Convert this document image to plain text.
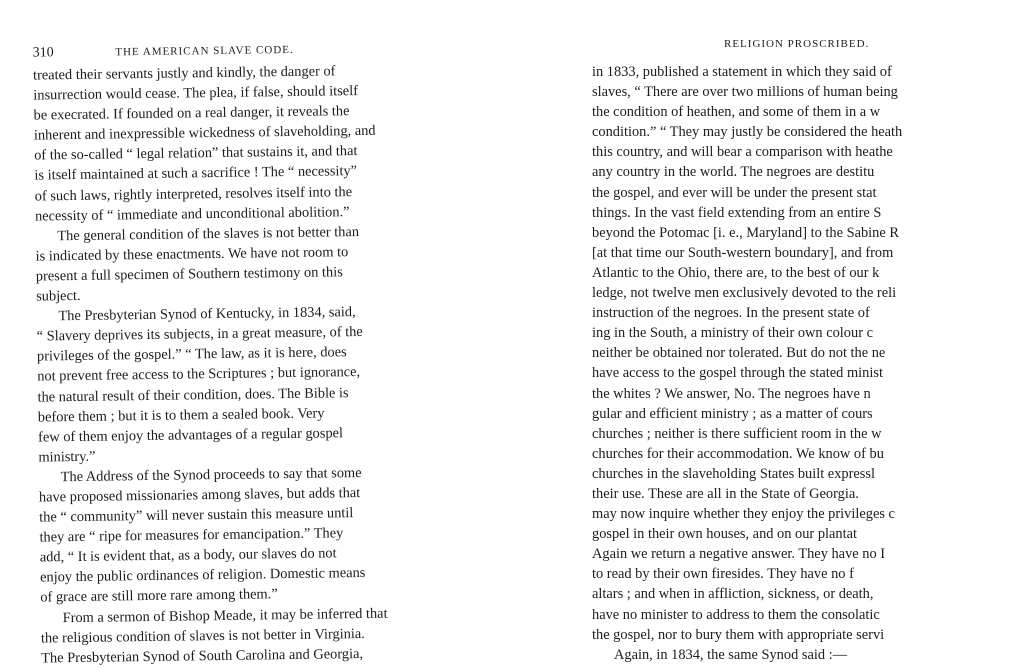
310	THE AMERICAN SLAVE CODE.
treated their servants justly and kindly, the danger of
insurrection would cease. The plea, if false, should itself
be execrated. If founded on a real danger, it reveals the
inherent and inexpressible wickedness of slaveholding, and
of the so-called “ legal relation” that sustains it, and that
is itself maintained at such a sacrifice ! The “ necessity”
of such laws, rightly interpreted, resolves itself into the
necessity of “ immediate and unconditional abolition.”
The general condition of the slaves is not better than
is indicated by these enactments. We have not room to
present a full specimen of Southern testimony on this
subject.
The Presbyterian Synod of Kentucky, in 1834, said,
“ Slavery deprives its subjects, in a great measure, of the
privileges of the gospel.” “ The law, as it is here, does
not prevent free access to the Scriptures ; but ignorance,
the natural result of their condition, does. The Bible is
before them ; but it is to them a sealed book. Very
few of them enjoy the advantages of a regular gospel
ministry.”
The Address of the Synod proceeds to say that some
have proposed missionaries among slaves, but adds that
the “ community” will never sustain this measure until
they are “ ripe for measures for emancipation.” They
add, “ It is evident that, as a body, our slaves do not
enjoy the public ordinances of religion. Domestic means
of grace are still more rare among them.”
From a sermon of Bishop Meade, it may be inferred that
the religious condition of slaves is not better in Virginia.
The Presbyterian Synod of South Carolina and Georgia,
RELIGION PROSCRIBED.
in 1833, published a statement in which they said of
slaves, “ There are over two millions of human being
the condition of heathen, and some of them in a w
condition.” “ They may justly be considered the heath
this country, and will bear a comparison with heathe
any country in the world. The negroes are destitu
the gospel, and ever will be under the present stat
things. In the vast field extending from an entire S
beyond the Potomac [i. e., Maryland] to the Sabine R
[at that time our South-western boundary], and from
Atlantic to the Ohio, there are, to the best of our k
ledge, not twelve men exclusively devoted to the reli
instruction of the negroes. In the present state of
ing in the South, a ministry of their own colour c
neither be obtained nor tolerated. But do not the ne
have access to the gospel through the stated minist
the whites ? We answer, No. The negroes have n
gular and efficient ministry ; as a matter of cours
churches ; neither is there sufficient room in the w
churches for their accommodation. We know of bu
churches in the slaveholding States built expressl
their use. These are all in the State of Georgia.
may now inquire whether they enjoy the privileges c
gospel in their own houses, and on our plantat
Again we return a negative answer. They have no I
to read by their own firesides. They have no f
altars ; and when in affliction, sickness, or death,
have no minister to address to them the consolatic
the gospel, nor to bury them with appropriate servi
Again, in 1834, the same Synod said :—
